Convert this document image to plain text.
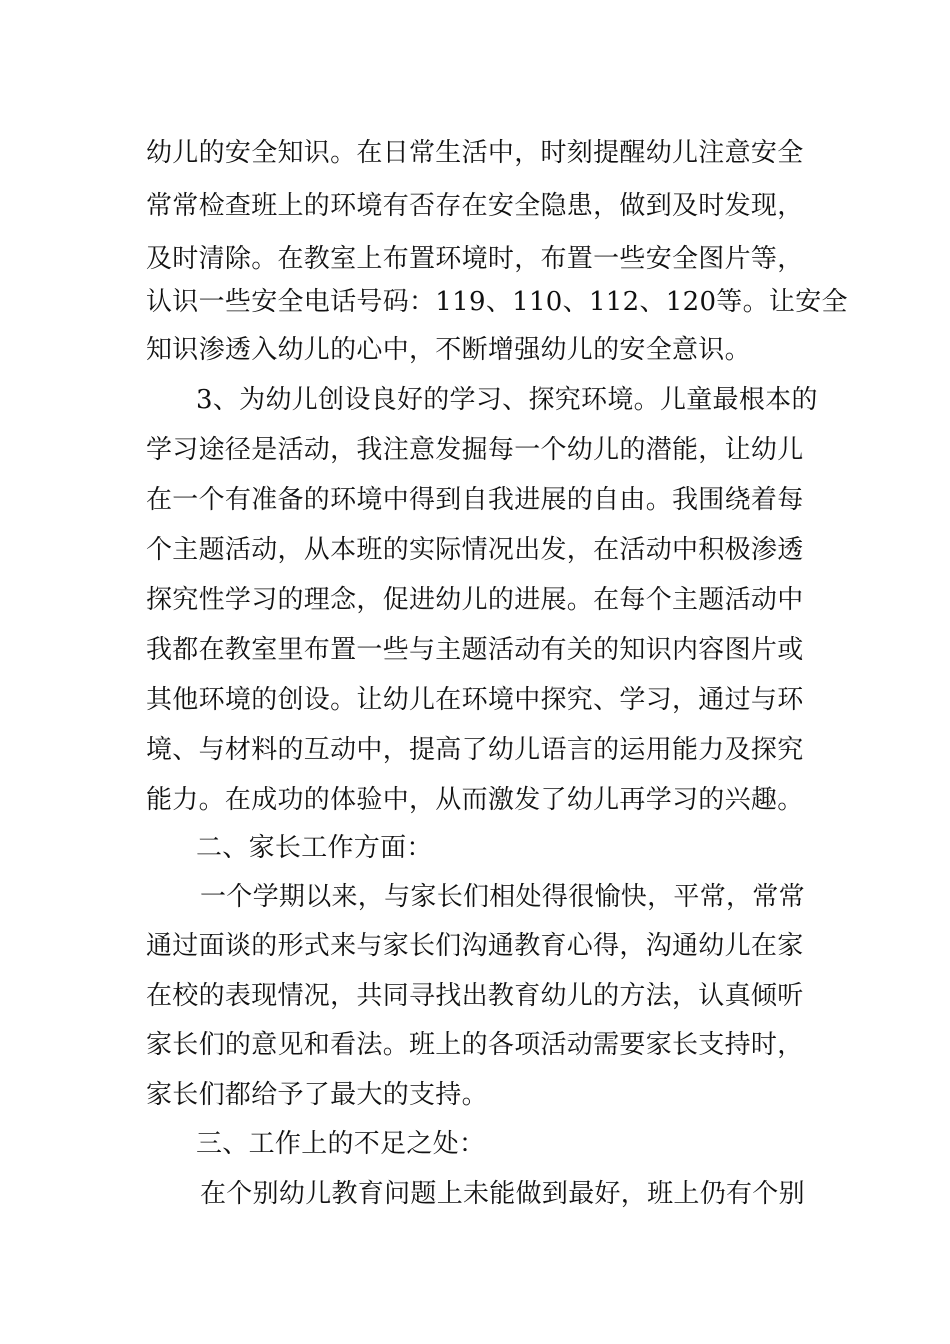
幼儿的安全知识。在日常生活中，时刻提醒幼儿注意安全
常常检查班上的环境有否存在安全隐患，做到及时发现，
及时清除。在教室上布置环境时，布置一些安全图片等，
认识一些安全电话号码：119、110、112、120等。让安全
知识渗透入幼儿的心中，不断增强幼儿的安全意识。
3、为幼儿创设良好的学习、探究环境。儿童最根本的
学习途径是活动，我注意发掘每一个幼儿的潜能，让幼儿
在一个有准备的环境中得到自我进展的自由。我围绕着每
个主题活动，从本班的实际情况出发，在活动中积极渗透
探究性学习的理念，促进幼儿的进展。在每个主题活动中
我都在教室里布置一些与主题活动有关的知识内容图片或
其他环境的创设。让幼儿在环境中探究、学习，通过与环
境、与材料的互动中，提高了幼儿语言的运用能力及探究
能力。在成功的体验中，从而激发了幼儿再学习的兴趣。
二、家长工作方面：
一个学期以来，与家长们相处得很愉快，平常，常常
通过面谈的形式来与家长们沟通教育心得，沟通幼儿在家
在校的表现情况，共同寻找出教育幼儿的方法，认真倾听
家长们的意见和看法。班上的各项活动需要家长支持时，
家长们都给予了最大的支持。
三、工作上的不足之处：
在个别幼儿教育问题上未能做到最好，班上仍有个别
